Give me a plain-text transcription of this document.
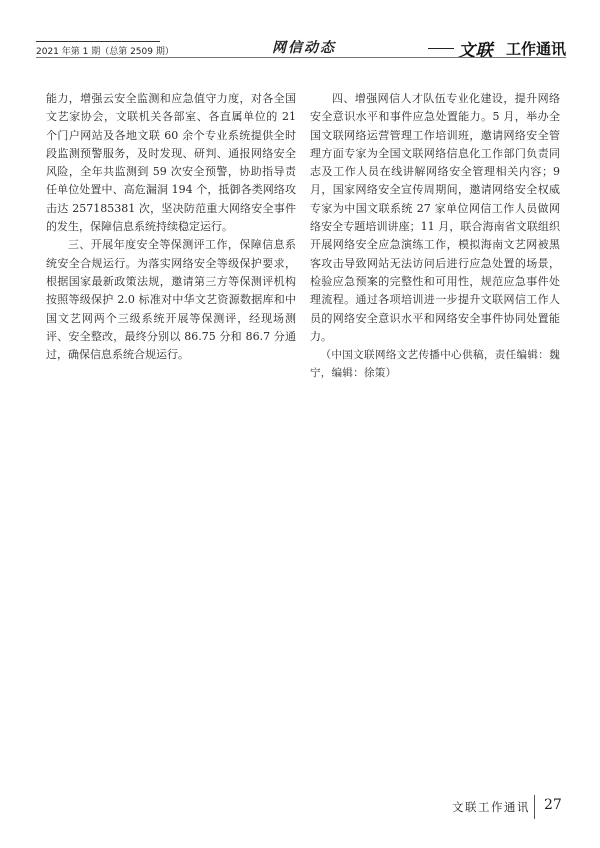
2021 年第 1 期（总第 2509 期）	网信动态	文联 工作通讯

能力，增强云安全监测和应急值守力度，对各全国文艺家协会，文联机关各部室、各直属单位的 21 个门户网站及各地文联 60 余个专业系统提供全时段监测预警服务，及时发现、研判、通报网络安全风险，全年共监测到 59 次安全预警，协助指导责任单位处置中、高危漏洞 194 个，抵御各类网络攻击达 257185381 次，坚决防范重大网络安全事件的发生，保障信息系统持续稳定运行。

三、开展年度安全等保测评工作，保障信息系统安全合规运行。为落实网络安全等级保护要求，根据国家最新政策法规，邀请第三方等保测评机构按照等级保护 2.0 标准对中华文艺资源数据库和中国文艺网两个三级系统开展等保测评，经现场测评、安全整改，最终分别以 86.75 分和 86.7 分通过，确保信息系统合规运行。

四、增强网信人才队伍专业化建设，提升网络安全意识水平和事件应急处置能力。5 月，举办全国文联网络运营管理工作培训班，邀请网络安全管理方面专家为全国文联网络信息化工作部门负责同志及工作人员在线讲解网络安全管理相关内容；9 月，国家网络安全宣传周期间，邀请网络安全权威专家为中国文联系统 27 家单位网信工作人员做网络安全专题培训讲座；11 月，联合海南省文联组织开展网络安全应急演练工作，模拟海南文艺网被黑客攻击导致网站无法访问后进行应急处置的场景，检验应急预案的完整性和可用性，规范应急事件处理流程。通过各项培训进一步提升文联网信工作人员的网络安全意识水平和网络安全事件协同处置能力。

（中国文联网络文艺传播中心供稿，责任编辑：魏宁，编辑：徐策）

文联工作通讯 27
